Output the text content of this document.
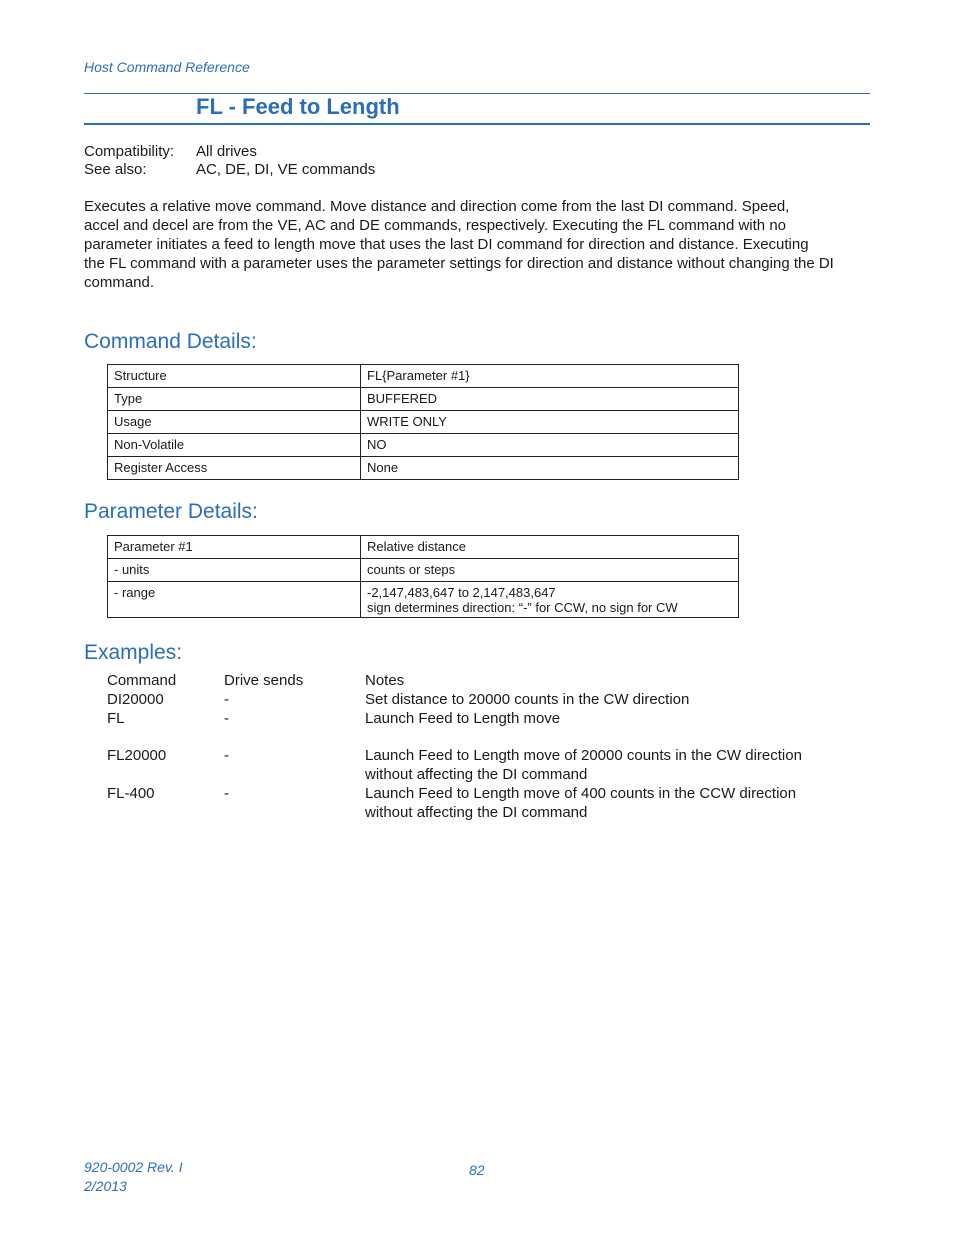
Host Command Reference
FL - Feed to Length
Compatibility: All drives
See also:	AC, DE, DI, VE commands
Executes a relative move command. Move distance and direction come from the last DI command. Speed,
accel and decel are from the VE, AC and DE commands, respectively. Executing the FL command with no
parameter initiates a feed to length move that uses the last DI command for direction and distance. Executing
the FL command with a parameter uses the parameter settings for direction and distance without changing the DI
command.
Command Details:
Structure	FL{Parameter #1}
Type	BUFFERED
Usage	WRITE ONLY
Non-Volatile	NO
Register Access	None
Parameter Details:
Parameter #1	Relative distance
- units	counts or steps
- range	-2,147,483,647 to 2,147,483,647
sign determines direction: “-” for CCW, no sign for CW
Examples:
Command	Drive sends	Notes
DI20000	-	Set distance to 20000 counts in the CW direction
FL	-	Launch Feed to Length move
FL20000	-	Launch Feed to Length move of 20000 counts in the CW direction
without affecting the DI command
FL-400	-	Launch Feed to Length move of 400 counts in the CCW direction
without affecting the DI command
920-0002 Rev. I
2/2013
82
